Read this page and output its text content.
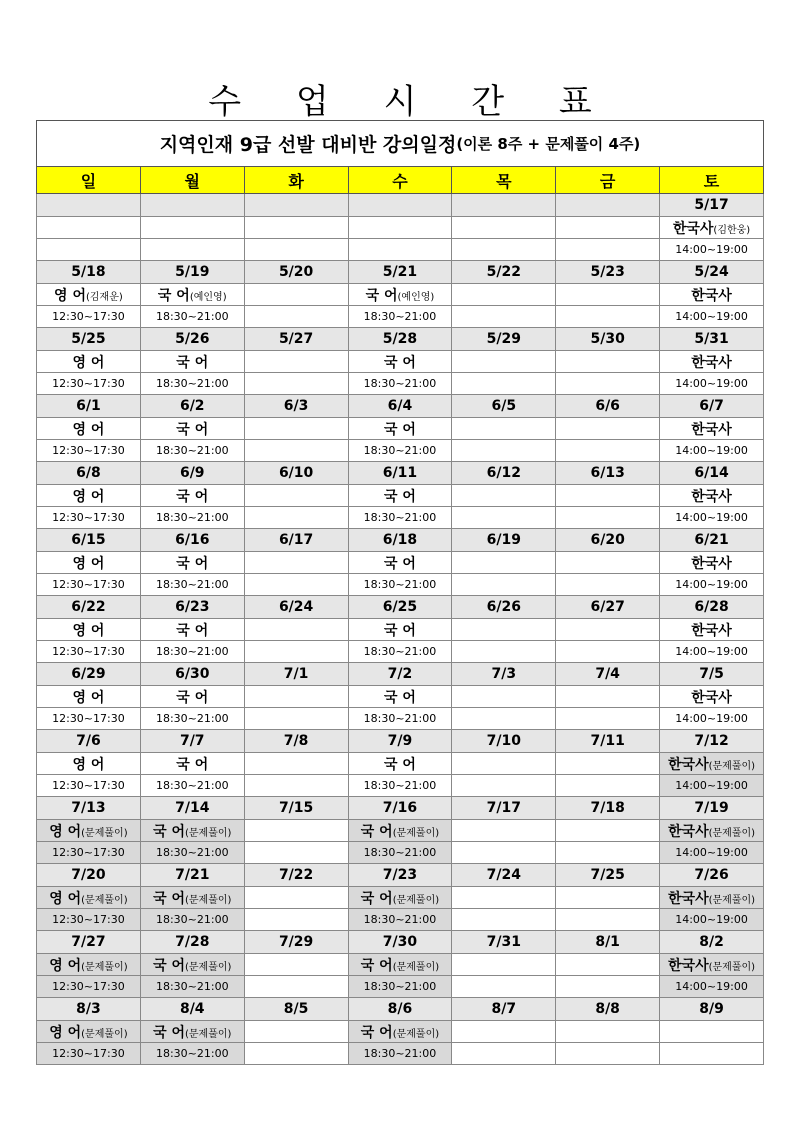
수 업 시 간 표
지역인재 9급 선발 대비반 강의일정 (이론 8주 + 문제풀이 4주)
일	월	화	수	목	금	토
						5/17
						한국사(김한웅)
						14:00~19:00
5/18	5/19	5/20	5/21	5/22	5/23	5/24
영 어(김재운)	국 어(예인영)		국 어(예인영)			한국사
12:30~17:30	18:30~21:00		18:30~21:00			14:00~19:00
5/25	5/26	5/27	5/28	5/29	5/30	5/31
영 어	국 어		국 어			한국사
12:30~17:30	18:30~21:00		18:30~21:00			14:00~19:00
6/1	6/2	6/3	6/4	6/5	6/6	6/7
영 어	국 어		국 어			한국사
12:30~17:30	18:30~21:00		18:30~21:00			14:00~19:00
6/8	6/9	6/10	6/11	6/12	6/13	6/14
영 어	국 어		국 어			한국사
12:30~17:30	18:30~21:00		18:30~21:00			14:00~19:00
6/15	6/16	6/17	6/18	6/19	6/20	6/21
영 어	국 어		국 어			한국사
12:30~17:30	18:30~21:00		18:30~21:00			14:00~19:00
6/22	6/23	6/24	6/25	6/26	6/27	6/28
영 어	국 어		국 어			한국사
12:30~17:30	18:30~21:00		18:30~21:00			14:00~19:00
6/29	6/30	7/1	7/2	7/3	7/4	7/5
영 어	국 어		국 어			한국사
12:30~17:30	18:30~21:00		18:30~21:00			14:00~19:00
7/6	7/7	7/8	7/9	7/10	7/11	7/12
영 어	국 어		국 어			한국사(문제풀이)
12:30~17:30	18:30~21:00		18:30~21:00			14:00~19:00
7/13	7/14	7/15	7/16	7/17	7/18	7/19
영 어(문제풀이)	국 어(문제풀이)		국 어(문제풀이)			한국사(문제풀이)
12:30~17:30	18:30~21:00		18:30~21:00			14:00~19:00
7/20	7/21	7/22	7/23	7/24	7/25	7/26
영 어(문제풀이)	국 어(문제풀이)		국 어(문제풀이)			한국사(문제풀이)
12:30~17:30	18:30~21:00		18:30~21:00			14:00~19:00
7/27	7/28	7/29	7/30	7/31	8/1	8/2
영 어(문제풀이)	국 어(문제풀이)		국 어(문제풀이)			한국사(문제풀이)
12:30~17:30	18:30~21:00		18:30~21:00			14:00~19:00
8/3	8/4	8/5	8/6	8/7	8/8	8/9
영 어(문제풀이)	국 어(문제풀이)		국 어(문제풀이)			
12:30~17:30	18:30~21:00		18:30~21:00			
